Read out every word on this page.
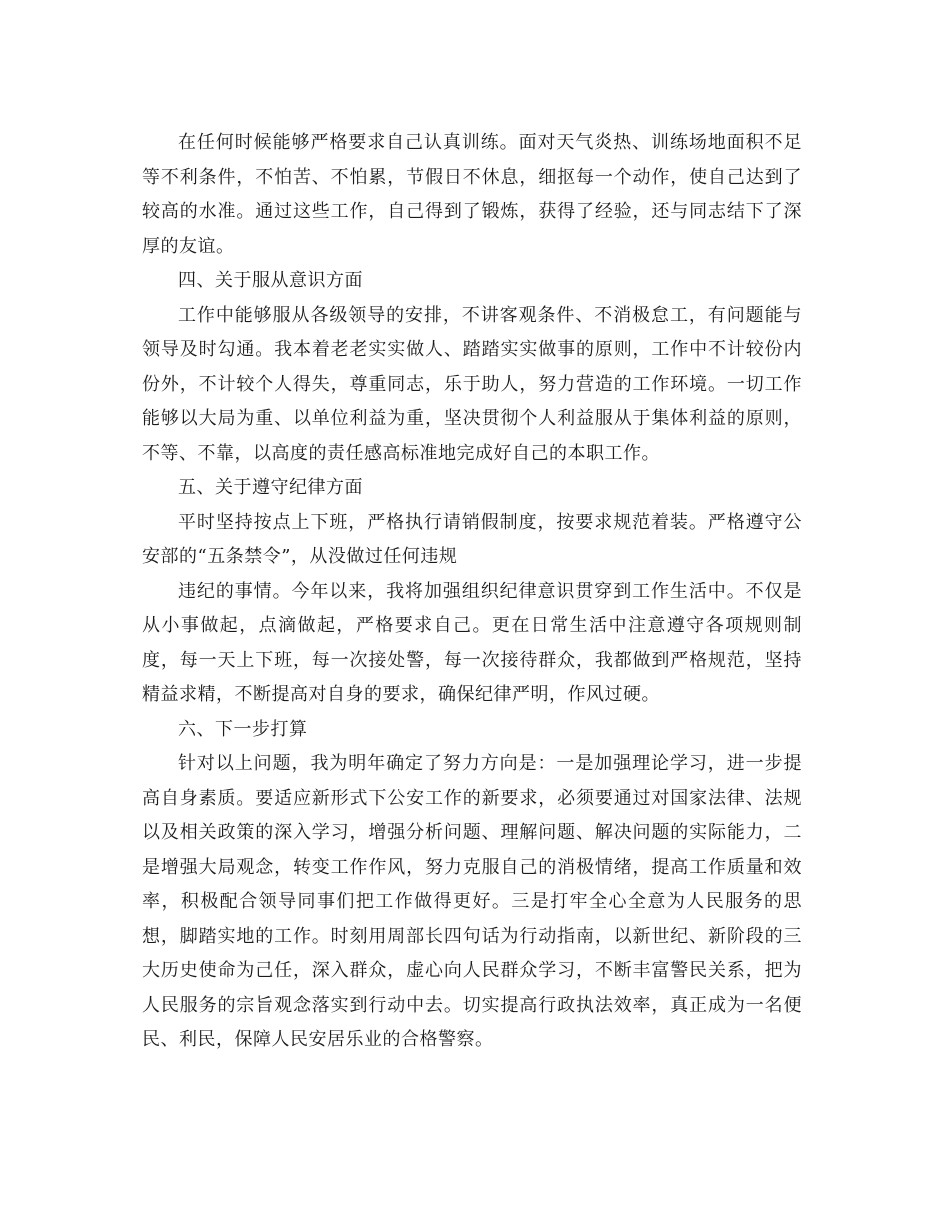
在任何时候能够严格要求自己认真训练。面对天气炎热、训练场地面积不足等不利条件，不怕苦、不怕累，节假日不休息，细抠每一个动作，使自己达到了较高的水准。通过这些工作，自己得到了锻炼，获得了经验，还与同志结下了深厚的友谊。

四、关于服从意识方面

工作中能够服从各级领导的安排，不讲客观条件、不消极怠工，有问题能与领导及时勾通。我本着老老实实做人、踏踏实实做事的原则，工作中不计较份内份外，不计较个人得失，尊重同志，乐于助人，努力营造的工作环境。一切工作能够以大局为重、以单位利益为重，坚决贯彻个人利益服从于集体利益的原则，不等、不靠，以高度的责任感高标准地完成好自己的本职工作。

五、关于遵守纪律方面

平时坚持按点上下班，严格执行请销假制度，按要求规范着装。严格遵守公安部的“五条禁令”，从没做过任何违规

违纪的事情。今年以来，我将加强组织纪律意识贯穿到工作生活中。不仅是从小事做起，点滴做起，严格要求自己。更在日常生活中注意遵守各项规则制度，每一天上下班，每一次接处警，每一次接待群众，我都做到严格规范，坚持精益求精，不断提高对自身的要求，确保纪律严明，作风过硬。

六、下一步打算

针对以上问题，我为明年确定了努力方向是：一是加强理论学习，进一步提高自身素质。要适应新形式下公安工作的新要求，必须要通过对国家法律、法规以及相关政策的深入学习，增强分析问题、理解问题、解决问题的实际能力，二是增强大局观念，转变工作作风，努力克服自己的消极情绪，提高工作质量和效率，积极配合领导同事们把工作做得更好。三是打牢全心全意为人民服务的思想，脚踏实地的工作。时刻用周部长四句话为行动指南，以新世纪、新阶段的三大历史使命为己任，深入群众，虚心向人民群众学习，不断丰富警民关系，把为人民服务的宗旨观念落实到行动中去。切实提高行政执法效率，真正成为一名便民、利民，保障人民安居乐业的合格警察。
